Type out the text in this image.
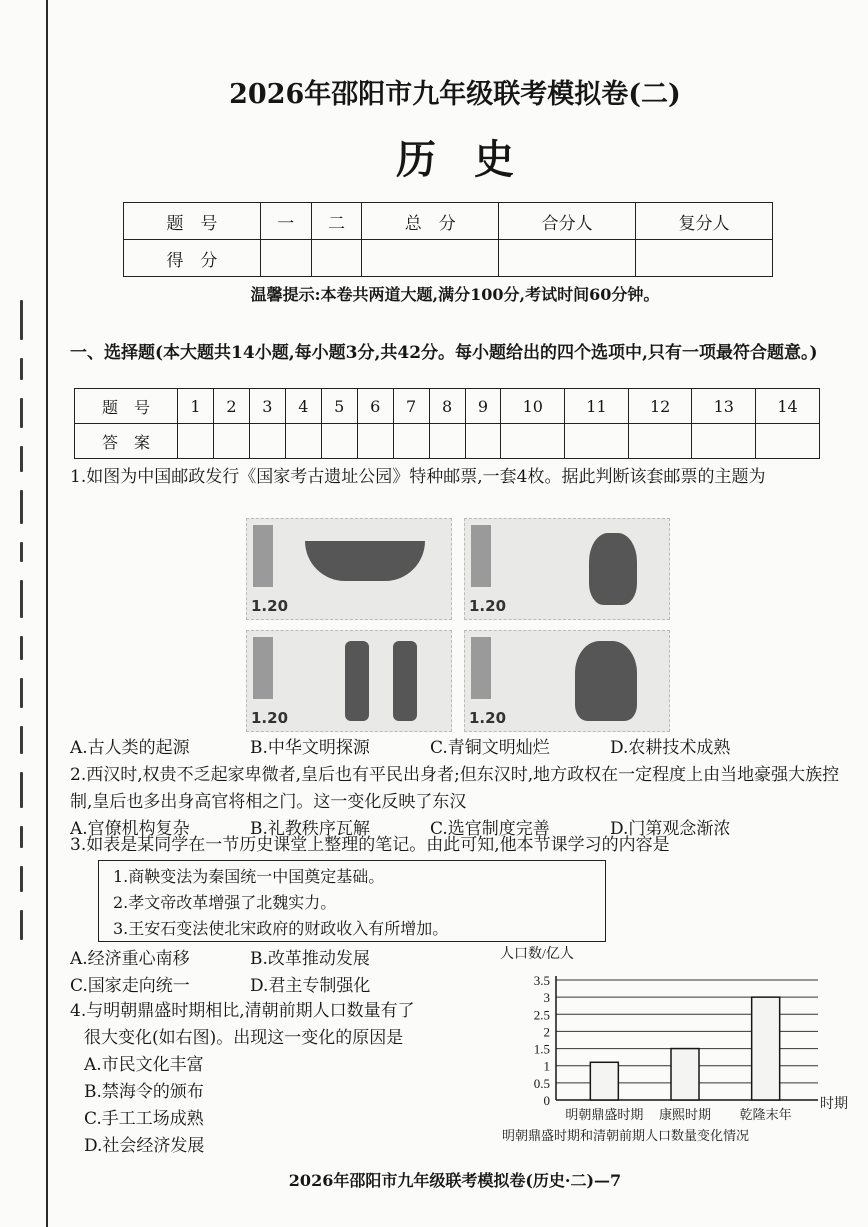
2026年邵阳市九年级联考模拟卷(二)
历史
题　号	一	二	总　分	合分人	复分人
得　分					
温馨提示:本卷共两道大题,满分100分,考试时间60分钟。
一、选择题(本大题共14小题,每小题3分,共42分。每小题给出的四个选项中,只有一项最符合题意。)
题　号	1	2	3	4	5	6	7	8	9	10	11	12	13	14
答　案														
1.如图为中国邮政发行《国家考古遗址公园》特种邮票,一套4枚。据此判断该套邮票的主题为
1.20	1.20
1.20	1.20
A.古人类的起源	B.中华文明探源	C.青铜文明灿烂	D.农耕技术成熟
2.西汉时,权贵不乏起家卑微者,皇后也有平民出身者;但东汉时,地方政权在一定程度上由当地豪强大族控制,皇后也多出身高官将相之门。这一变化反映了东汉
A.官僚机构复杂	B.礼教秩序瓦解	C.选官制度完善	D.门第观念渐浓
3.如表是某同学在一节历史课堂上整理的笔记。由此可知,他本节课学习的内容是
1.商鞅变法为秦国统一中国奠定基础。
2.孝文帝改革增强了北魏实力。
3.王安石变法使北宋政府的财政收入有所增加。
A.经济重心南移	B.改革推动发展
C.国家走向统一	D.君主专制强化
4.与明朝鼎盛时期相比,清朝前期人口数量有了
很大变化(如右图)。出现这一变化的原因是
A.市民文化丰富
B.禁海令的颁布
C.手工工场成熟
D.社会经济发展
人口数/亿人
0
0.5
1
1.5
2
2.5
3
3.5
明朝鼎盛时期 康熙时期 乾隆末年
时期
明朝鼎盛时期和清朝前期人口数量变化情况
2026年邵阳市九年级联考模拟卷(历史·二)—7
